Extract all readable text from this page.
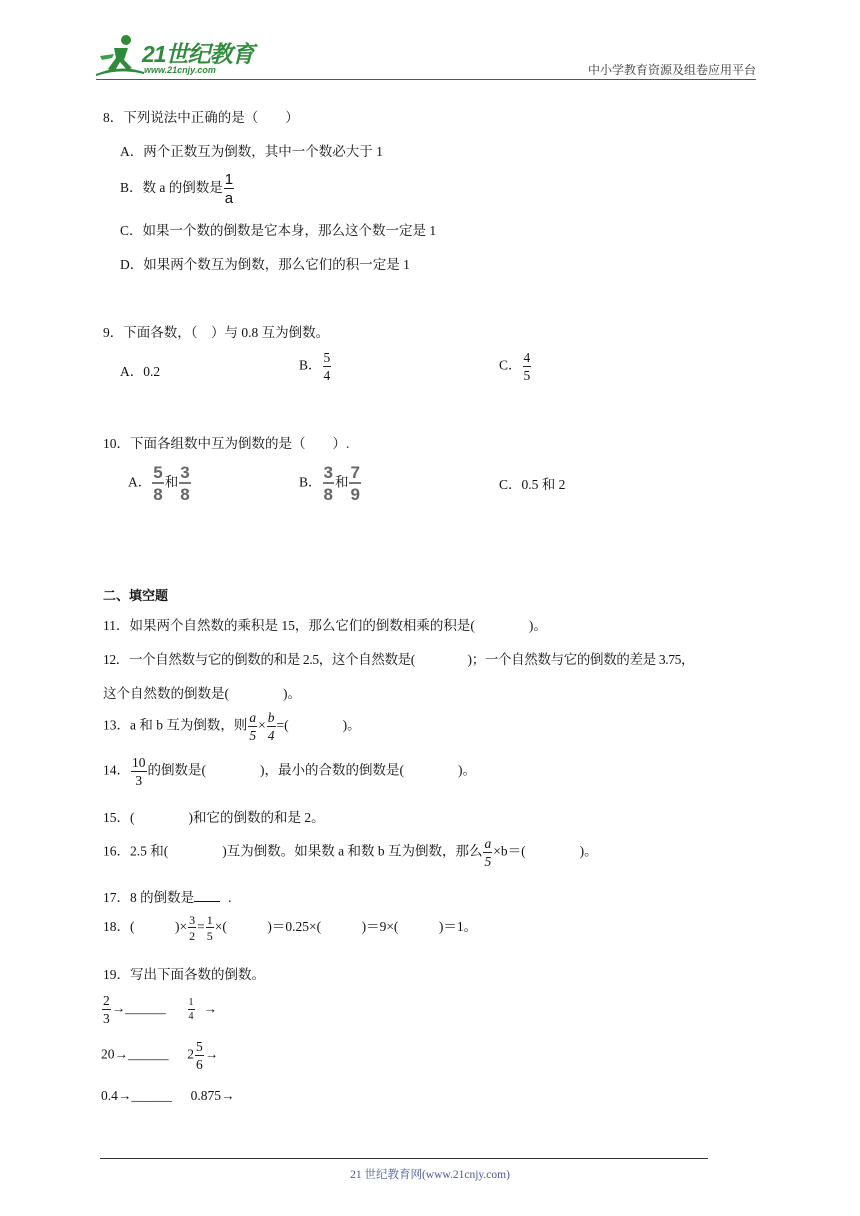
21世纪教育
www.21cnjy.com	中小学教育资源及组卷应用平台
8．下列说法中正确的是（　　）
A．两个正数互为倒数，其中一个数必大于 1
B．数 a 的倒数是 $\frac{1}{a}$
C．如果一个数的倒数是它本身，那么这个数一定是 1
D．如果两个数互为倒数，那么它们的积一定是 1
9．下面各数，（　）与 0.8 互为倒数。
A．0.2	B． $\frac{5}{4}$	C． $\frac{4}{5}$
10．下面各组数中互为倒数的是（　　）.
A． $\frac{5}{8}$ 和 $\frac{3}{8}$	B． $\frac{3}{8}$ 和 $\frac{7}{9}$	C．0.5 和 2
二、填空题
11．如果两个自然数的乘积是 15，那么它们的倒数相乘的积是(　　　　)。
12．一个自然数与它的倒数的和是 2.5，这个自然数是(　　　　)；一个自然数与它的倒数的差是 3.75，
这个自然数的倒数是(　　　　)。
13．a 和 b 互为倒数，则 $\frac{a}{5} \times \frac{b}{4}$ =(　　　　)。
14． $\frac{10}{3}$ 的倒数是(　　　　)，最小的合数的倒数是(　　　　)。
15．(　　　　)和它的倒数的和是 2。
16．2.5 和(　　　　)互为倒数。如果数 a 和数 b 互为倒数，那么 $\frac{a}{5} \times b=$(　　　　)。
17．8 的倒数是	.
18．(　　　)× $\frac{3}{2} = \frac{1}{5}$ ×(　　　)＝0.25×(　　　)＝9×(　　　)＝1。
19．写出下面各数的倒数。
$\frac{2}{3}$ →______ $\frac{1}{4}$ →
20→______ $2 \frac{5}{6}$ →
0.4→______ 0.875→
21 世纪教育网(www.21cnjy.com)
